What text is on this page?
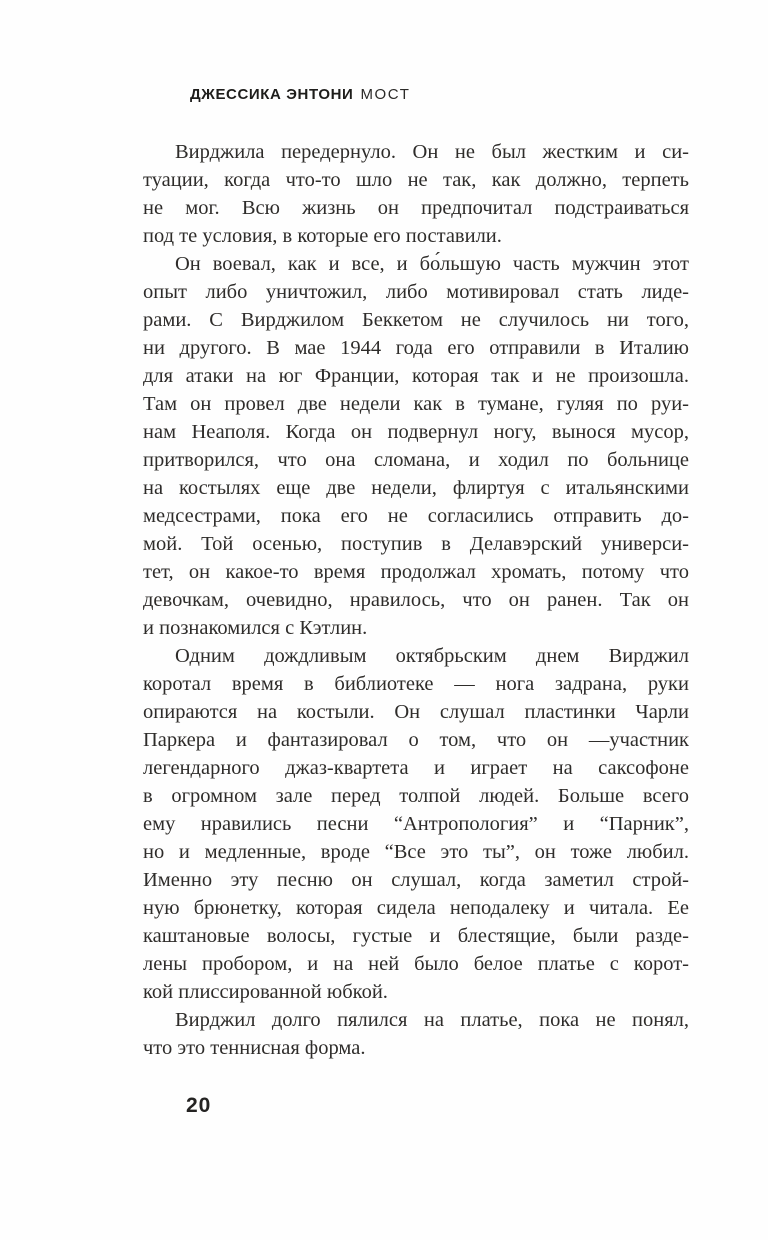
ДЖЕССИКА ЭНТОНИ МОСТ
Вирджила передернуло. Он не был жестким и си-
туации, когда что-то шло не так, как должно, терпеть
не мог. Всю жизнь он предпочитал подстраиваться
под те условия, в которые его поставили.
Он воевал, как и все, и бо́льшую часть мужчин этот
опыт либо уничтожил, либо мотивировал стать лиде-
рами. С Вирджилом Беккетом не случилось ни того,
ни другого. В мае 1944 года его отправили в Италию
для атаки на юг Франции, которая так и не произошла.
Там он провел две недели как в тумане, гуляя по руи-
нам Неаполя. Когда он подвернул ногу, вынося мусор,
притворился, что она сломана, и ходил по больнице
на костылях еще две недели, флиртуя с итальянскими
медсестрами, пока его не согласились отправить до-
мой. Той осенью, поступив в Делавэрский универси-
тет, он какое-то время продолжал хромать, потому что
девочкам, очевидно, нравилось, что он ранен. Так он
и познакомился с Кэтлин.
Одним дождливым октябрьским днем Вирджил
коротал время в библиотеке — нога задрана, руки
опираются на костыли. Он слушал пластинки Чарли
Паркера и фантазировал о том, что он —участник
легендарного джаз-квартета и играет на саксофоне
в огромном зале перед толпой людей. Больше всего
ему нравились песни “Антропология” и “Парник”,
но и медленные, вроде “Все это ты”, он тоже любил.
Именно эту песню он слушал, когда заметил строй-
ную брюнетку, которая сидела неподалеку и читала. Ее
каштановые волосы, густые и блестящие, были разде-
лены пробором, и на ней было белое платье с корот-
кой плиссированной юбкой.
Вирджил долго пялился на платье, пока не понял,
что это теннисная форма.
20
